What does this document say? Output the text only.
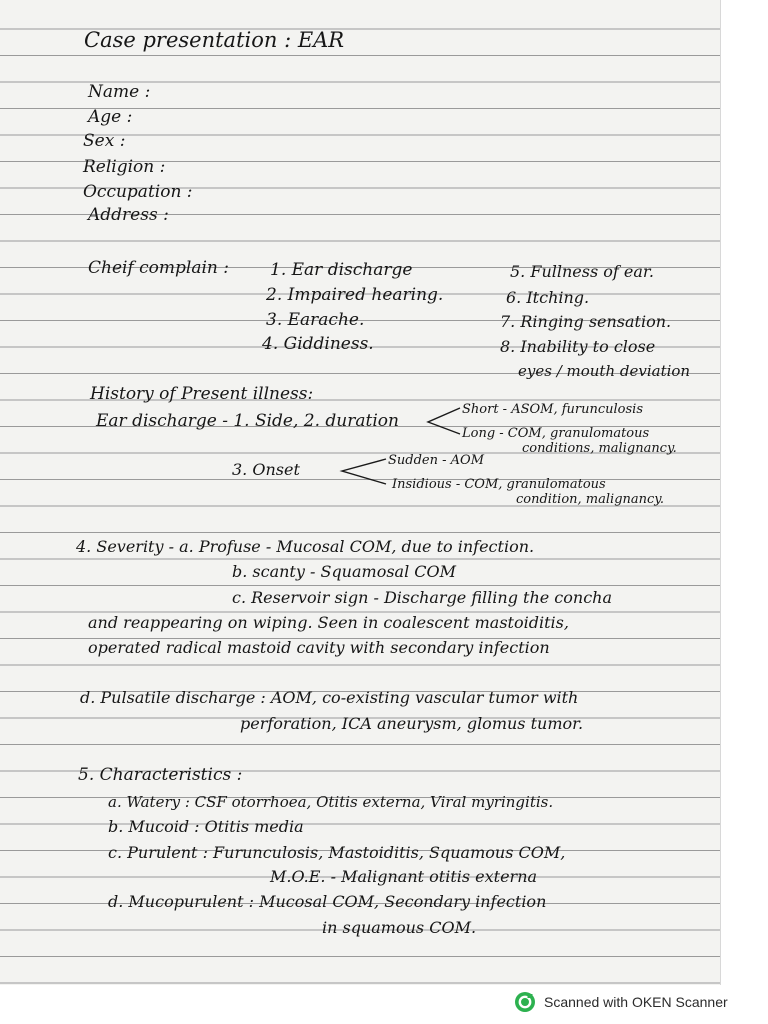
Case presentation : EAR
Name :
Age :
Sex :
Religion :
Occupation :
Address :
Cheif complain : 1. Ear discharge
2. Impaired hearing.
3. Earache.
4. Giddiness.
5. Fullness of ear.
6. Itching.
7. Ringing sensation.
8. Inability to close
eyes / mouth deviation
History of Present illness:
Ear discharge - 1. Side, 2. duration
Short - ASOM, furunculosis
Long - COM, granulomatous
conditions, malignancy.
3. Onset	Sudden - AOM
Insidious - COM, granulomatous
condition, malignancy.
4. Severity - a. Profuse - Mucosal COM, due to infection.
b. scanty - Squamosal COM
c. Reservoir sign - Discharge filling the concha
and reappearing on wiping. Seen in coalescent mastoiditis,
operated radical mastoid cavity with secondary infection
d. Pulsatile discharge : AOM, co-existing vascular tumor with
perforation, ICA aneurysm, glomus tumor.
5. Characteristics :
a. Watery : CSF otorrhoea, Otitis externa, Viral myringitis.
b. Mucoid : Otitis media
c. Purulent : Furunculosis, Mastoiditis, Squamous COM,
M.O.E. - Malignant otitis externa
d. Mucopurulent : Mucosal COM, Secondary infection
in squamous COM.
Scanned with OKEN Scanner
